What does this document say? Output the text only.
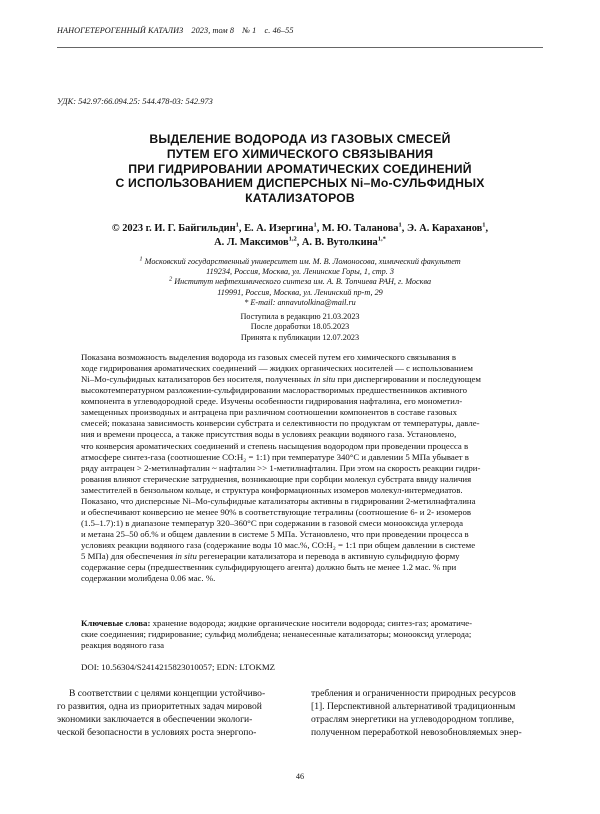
НАНОГЕТЕРОГЕННЫЙ КАТАЛИЗ 2023, том 8 № 1 с. 46–55
УДК: 542.97:66.094.25: 544.478-03: 542.973
ВЫДЕЛЕНИЕ ВОДОРОДА ИЗ ГАЗОВЫХ СМЕСЕЙ
ПУТЕМ ЕГО ХИМИЧЕСКОГО СВЯЗЫВАНИЯ
ПРИ ГИДРИРОВАНИИ АРОМАТИЧЕСКИХ СОЕДИНЕНИЙ
С ИСПОЛЬЗОВАНИЕМ ДИСПЕРСНЫХ Ni–Mo-СУЛЬФИДНЫХ
КАТАЛИЗАТОРОВ
© 2023 г. И. Г. Байгильдин$^1$, Е. А. Изергина$^1$, М. Ю. Таланова$^1$, Э. А. Караханов$^1$,
А. Л. Максимов$^{1,2}$, А. В. Вутолкина$^{1,*}$
$^1$ Московский государственный университет им. М. В. Ломоносова, химический факультет
119234, Россия, Москва, ул. Ленинские Горы, 1, стр. 3
$^2$ Институт нефтехимического синтеза им. А. В. Топчиева РАН, г. Москва
119991, Россия, Москва, ул. Ленинский пр-т, 29
* E-mail: annavutolkina@mail.ru
Поступила в редакцию 21.03.2023
После доработки 18.05.2023
Принята к публикации 12.07.2023
Показана возможность выделения водорода из газовых смесей путем его химического связывания в
ходе гидрирования ароматических соединений — жидких органических носителей — с использованием
Ni–Mo-сульфидных катализаторов без носителя, полученных in situ при диспергировании и последующем
высокотемпературном разложении-сульфидировании маслорастворимых предшественников активного
компонента в углеводородной среде. Изучены особенности гидрирования нафталина, его монометил-
замещенных производных и антрацена при различном соотношении компонентов в составе газовых
смесей; показана зависимость конверсии субстрата и селективности по продуктам от температуры, давле-
ния и времени процесса, а также присутствия воды в условиях реакции водяного газа. Установлено,
что конверсия ароматических соединений и степень насыщения водородом при проведении процесса в
атмосфере синтез-газа (соотношение CO:H₂ = 1:1) при температуре 340°C и давлении 5 МПа убывает в
ряду антрацен > 2-метилнафталин ~ нафталин >> 1-метилнафталин. При этом на скорость реакции гидри-
рования влияют стерические затруднения, возникающие при сорбции молекул субстрата ввиду наличия
заместителей в бензольном кольце, и структура конформационных изомеров молекул-интермедиатов.
Показано, что дисперсные Ni–Mo-сульфидные катализаторы активны в гидрировании 2-метилнафталина
и обеспечивают конверсию не менее 90% в соответствующие тетралины (соотношение 6- и 2- изомеров
(1.5–1.7):1) в диапазоне температур 320–360°C при содержании в газовой смеси монооксида углерода
и метана 25–50 об.% и общем давлении в системе 5 МПа. Установлено, что при проведении процесса в
условиях реакции водяного газа (содержание воды 10 мас.%, CO:H₂ = 1:1 при общем давлении в системе
5 МПа) для обеспечения in situ регенерации катализатора и перевода в активную сульфидную форму
содержание серы (предшественник сульфидирующего агента) должно быть не менее 1.2 мас. % при
содержании молибдена 0.06 мас. %.
Ключевые слова: хранение водорода; жидкие органические носители водорода; синтез-газ; ароматиче-
ские соединения; гидрирование; сульфид молибдена; ненанесенные катализаторы; монооксид углерода;
реакция водяного газа
DOI: 10.56304/S2414215823010057; EDN: LTOKMZ
В соответствии с целями концепции устойчиво-
го развития, одна из приоритетных задач мировой
экономики заключается в обеспечении экологи-
ческой безопасности в условиях роста энергопо-
требления и ограниченности природных ресурсов
[1]. Перспективной альтернативой традиционным
отраслям энергетики на углеводородном топливе,
полученном переработкой невозобновляемых энер-
46
